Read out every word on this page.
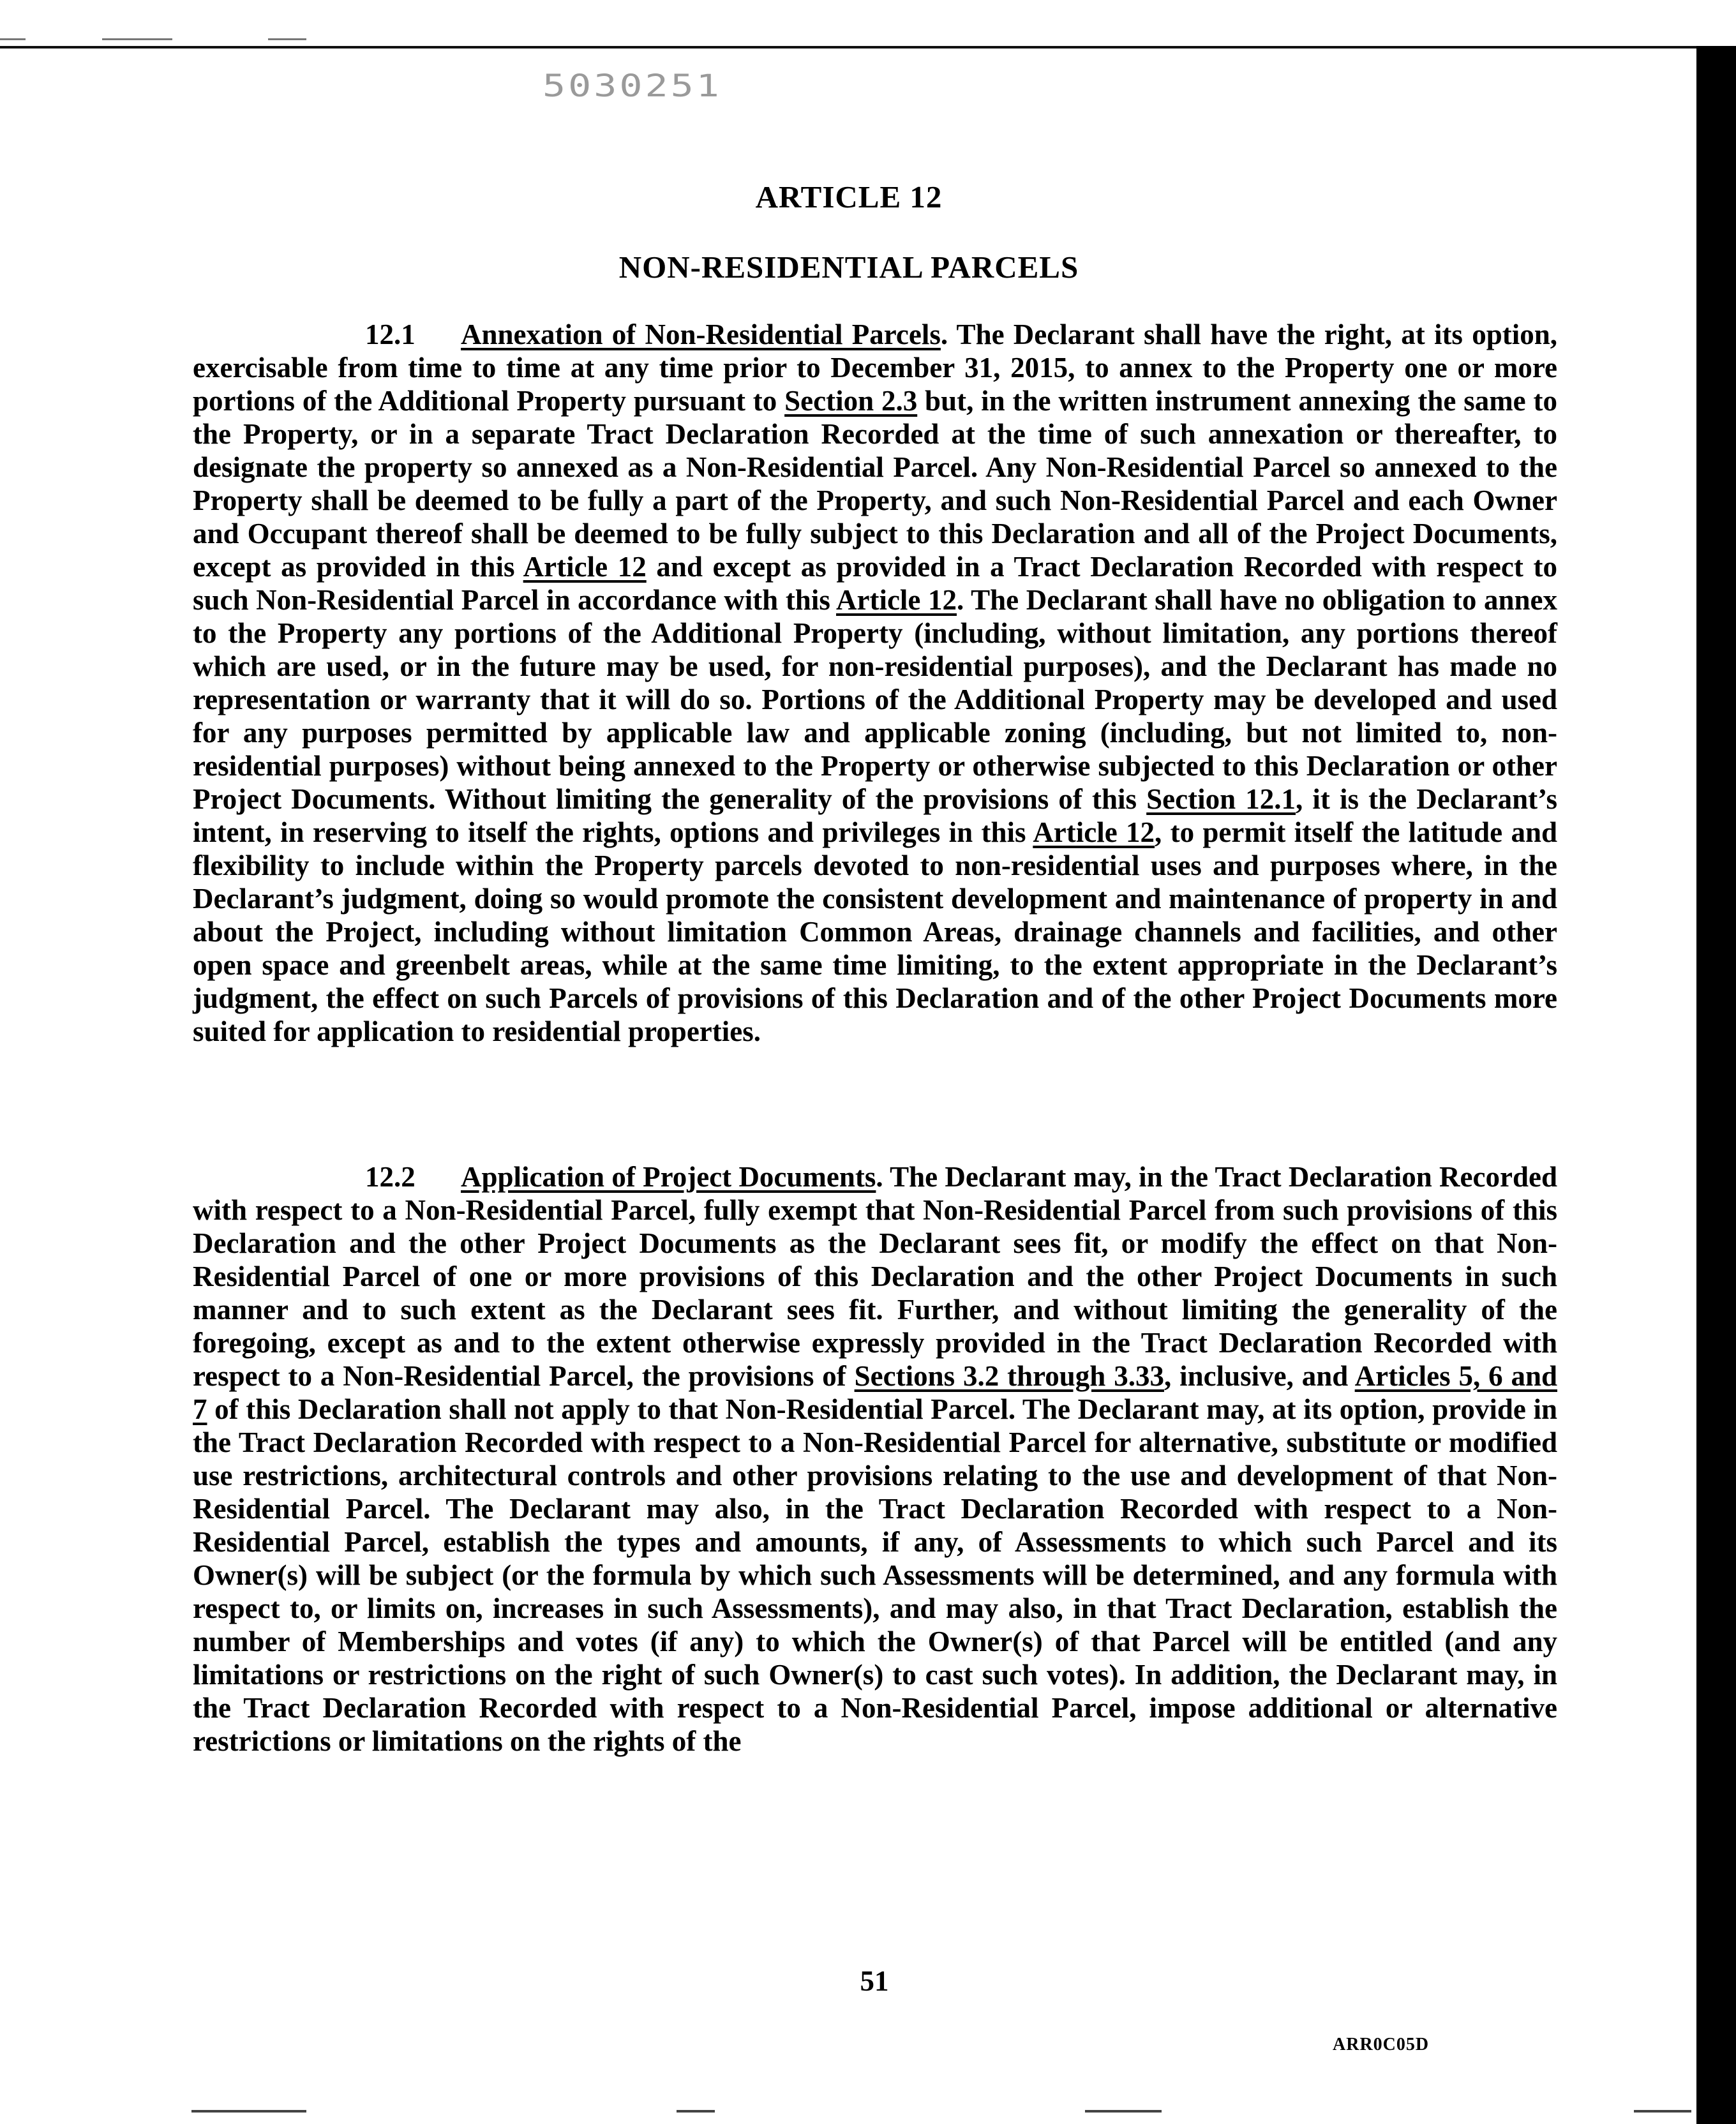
5030251
ARTICLE 12
NON-RESIDENTIAL PARCELS

12.1 Annexation of Non-Residential Parcels. The Declarant shall have the right, at its option, exercisable from time to time at any time prior to December 31, 2015, to annex to the Property one or more portions of the Additional Property pursuant to Section 2.3 but, in the written instrument annexing the same to the Property, or in a separate Tract Declaration Recorded at the time of such annexation or thereafter, to designate the property so annexed as a Non-Residential Parcel. Any Non-Residential Parcel so annexed to the Property shall be deemed to be fully a part of the Property, and such Non-Residential Parcel and each Owner and Occupant thereof shall be deemed to be fully subject to this Declaration and all of the Project Documents, except as provided in this Article 12 and except as provided in a Tract Declaration Recorded with respect to such Non-Residential Parcel in accordance with this Article 12. The Declarant shall have no obligation to annex to the Property any portions of the Additional Property (including, without limitation, any portions thereof which are used, or in the future may be used, for non-residential purposes), and the Declarant has made no representation or warranty that it will do so. Portions of the Additional Property may be developed and used for any purposes permitted by applicable law and applicable zoning (including, but not limited to, non-residential purposes) without being annexed to the Property or otherwise subjected to this Declaration or other Project Documents. Without limiting the generality of the provisions of this Section 12.1, it is the Declarant’s intent, in reserving to itself the rights, options and privileges in this Article 12, to permit itself the latitude and flexibility to include within the Property parcels devoted to non-residential uses and purposes where, in the Declarant’s judgment, doing so would promote the consistent development and maintenance of property in and about the Project, including without limitation Common Areas, drainage channels and facilities, and other open space and greenbelt areas, while at the same time limiting, to the extent appropriate in the Declarant’s judgment, the effect on such Parcels of provisions of this Declaration and of the other Project Documents more suited for application to residential properties.

12.2 Application of Project Documents. The Declarant may, in the Tract Declaration Recorded with respect to a Non-Residential Parcel, fully exempt that Non-Residential Parcel from such provisions of this Declaration and the other Project Documents as the Declarant sees fit, or modify the effect on that Non-Residential Parcel of one or more provisions of this Declaration and the other Project Documents in such manner and to such extent as the Declarant sees fit. Further, and without limiting the generality of the foregoing, except as and to the extent otherwise expressly provided in the Tract Declaration Recorded with respect to a Non-Residential Parcel, the provisions of Sections 3.2 through 3.33, inclusive, and Articles 5, 6 and 7 of this Declaration shall not apply to that Non-Residential Parcel. The Declarant may, at its option, provide in the Tract Declaration Recorded with respect to a Non-Residential Parcel for alternative, substitute or modified use restrictions, architectural controls and other provisions relating to the use and development of that Non-Residential Parcel. The Declarant may also, in the Tract Declaration Recorded with respect to a Non-Residential Parcel, establish the types and amounts, if any, of Assessments to which such Parcel and its Owner(s) will be subject (or the formula by which such Assessments will be determined, and any formula with respect to, or limits on, increases in such Assessments), and may also, in that Tract Declaration, establish the number of Memberships and votes (if any) to which the Owner(s) of that Parcel will be entitled (and any limitations or restrictions on the right of such Owner(s) to cast such votes). In addition, the Declarant may, in the Tract Declaration Recorded with respect to a Non-Residential Parcel, impose additional or alternative restrictions or limitations on the rights of the

51
ARR0C05D
